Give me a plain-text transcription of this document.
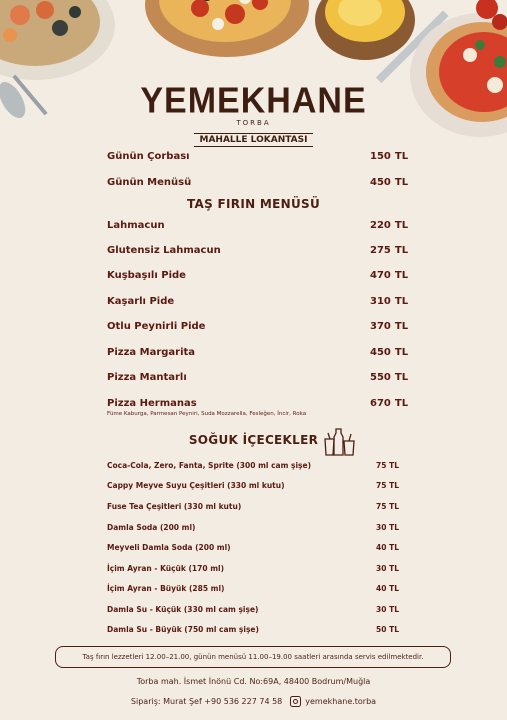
YEMEKHANE
TORBA
MAHALLE LOKANTASI
Günün Çorbası	150 TL
Günün Menüsü	450 TL
TAŞ FIRIN MENÜSÜ
Lahmacun	220 TL
Glutensiz Lahmacun	275 TL
Kuşbaşılı Pide	470 TL
Kaşarlı Pide	310 TL
Otlu Peynirli Pide	370 TL
Pizza Margarita	450 TL
Pizza Mantarlı	550 TL
Pizza Hermanas	670 TL
Füme Kaburga, Parmesan Peyniri, Suda Mozzarella, Fesleğen, İncir, Roka
SOĞUK İÇECEKLER
Coca-Cola, Zero, Fanta, Sprite (300 ml cam şişe)	75 TL
Cappy Meyve Suyu Çeşitleri (330 ml kutu)	75 TL
Fuse Tea Çeşitleri (330 ml kutu)	75 TL
Damla Soda (200 ml)	30 TL
Meyveli Damla Soda (200 ml)	40 TL
İçim Ayran - Küçük (170 ml)	30 TL
İçim Ayran - Büyük (285 ml)	40 TL
Damla Su - Küçük (330 ml cam şişe)	30 TL
Damla Su - Büyük (750 ml cam şişe)	50 TL
Taş fırın lezzetleri 12.00–21.00, günün menüsü 11.00–19.00 saatleri arasında servis edilmektedir.
Torba mah. İsmet İnönü Cd. No:69A, 48400 Bodrum/Muğla
Sipariş: Murat Şef +90 536 227 74 58	yemekhane.torba
